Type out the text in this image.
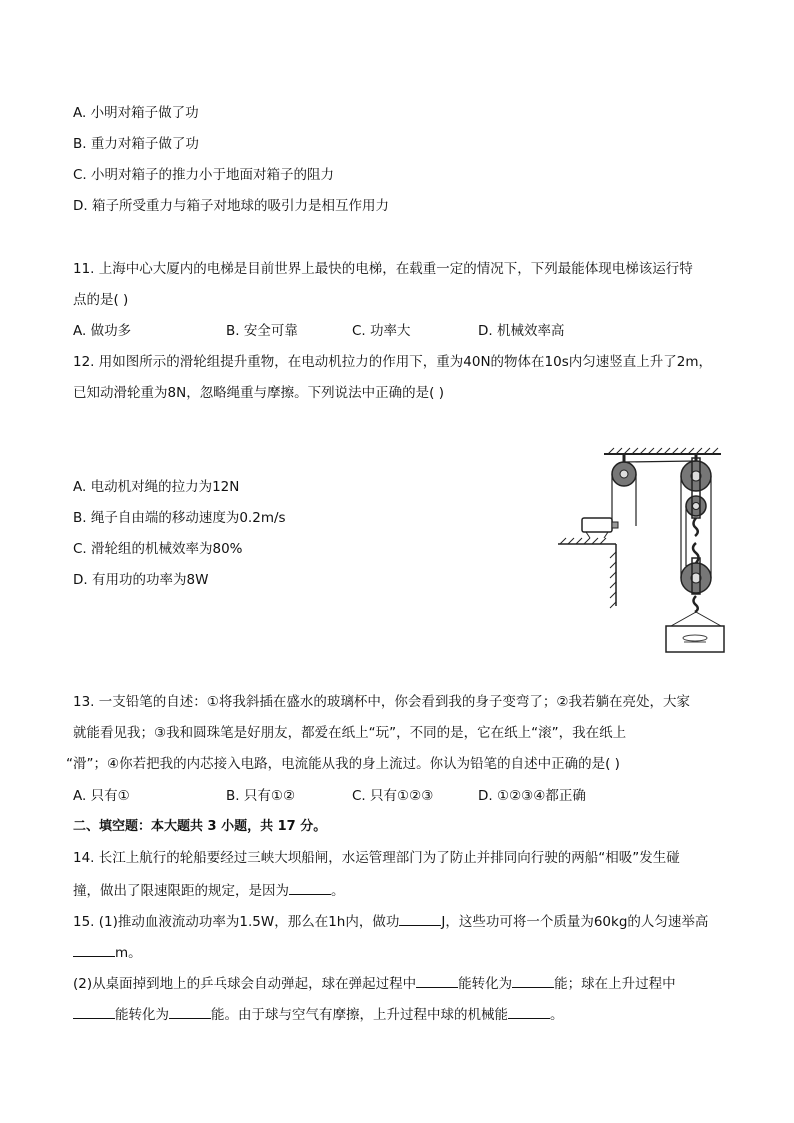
A. 小明对箱子做了功
B. 重力对箱子做了功
C. 小明对箱子的推力小于地面对箱子的阻力
D. 箱子所受重力与箱子对地球的吸引力是相互作用力
11. 上海中心大厦内的电梯是目前世界上最快的电梯，在载重一定的情况下，下列最能体现电梯该运行特
点的是( )
A. 做功多	B. 安全可靠	C. 功率大	D. 机械效率高
12. 用如图所示的滑轮组提升重物，在电动机拉力的作用下，重为40N的物体在10s内匀速竖直上升了2m，
已知动滑轮重为8N，忽略绳重与摩擦。下列说法中正确的是( )
A. 电动机对绳的拉力为12N
B. 绳子自由端的移动速度为0.2m/s
C. 滑轮组的机械效率为80%
D. 有用功的功率为8W
13. 一支铅笔的自述：①将我斜插在盛水的玻璃杯中，你会看到我的身子变弯了；②我若躺在亮处，大家
就能看见我；③我和圆珠笔是好朋友，都爱在纸上“玩”，不同的是，它在纸上“滚”，我在纸上
“滑”；④你若把我的内芯接入电路，电流能从我的身上流过。你认为铅笔的自述中正确的是( )
A. 只有①	B. 只有①②	C. 只有①②③	D. ①②③④都正确
二、填空题：本大题共 3 小题，共 17 分。
14. 长江上航行的轮船要经过三峡大坝船闸，水运管理部门为了防止并排同向行驶的两船“相吸”发生碰
撞，做出了限速限距的规定，是因为	。
15. (1)推动血液流动功率为1.5W，那么在1h内，做功	J，这些功可将一个质量为60kg的人匀速举高
m。
(2)从桌面掉到地上的乒乓球会自动弹起，球在弹起过程中	能转化为	能；球在上升过程中
能转化为	能。由于球与空气有摩擦，上升过程中球的机械能	。
